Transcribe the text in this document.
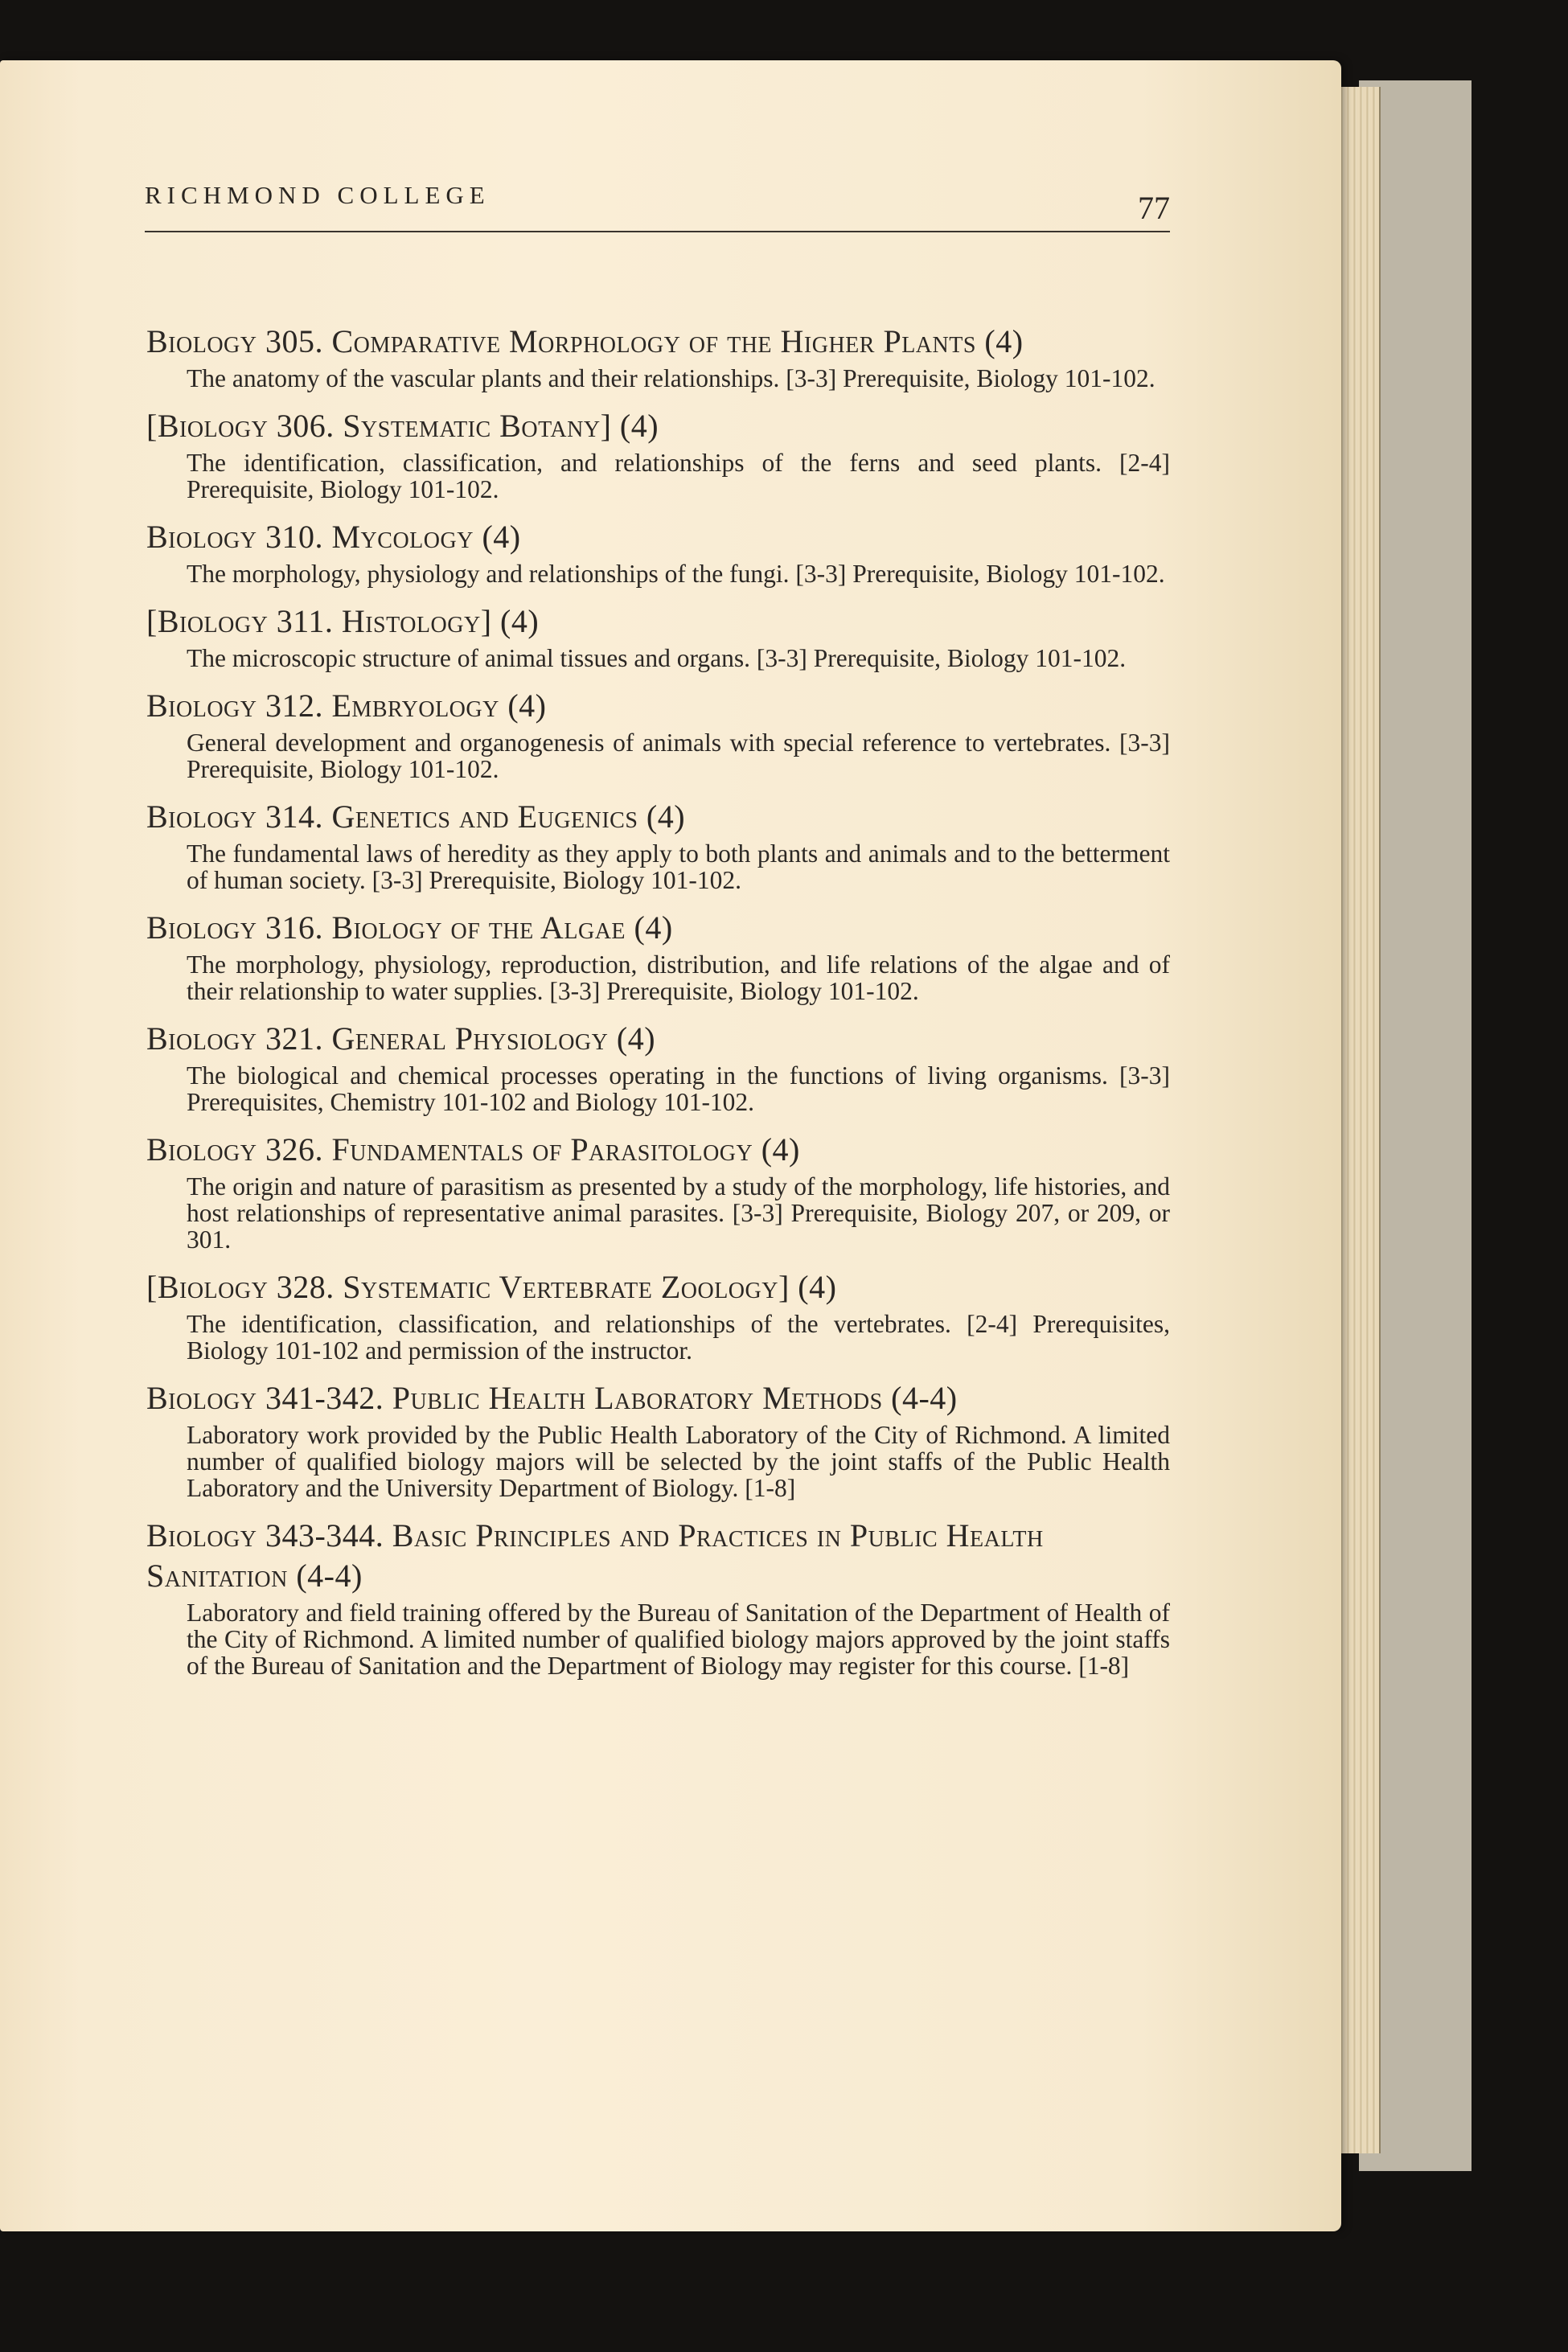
RICHMOND COLLEGE	77

Biology 305. Comparative Morphology of the Higher Plants (4)

The anatomy of the vascular plants and their relationships. [3-3] Prerequisite, Biology 101-102.

[Biology 306. Systematic Botany] (4)

The identification, classification, and relationships of the ferns and seed plants. [2-4] Prerequisite, Biology 101-102.

Biology 310. Mycology (4)

The morphology, physiology and relationships of the fungi. [3-3] Prerequisite, Biology 101-102.

[Biology 311. Histology] (4)

The microscopic structure of animal tissues and organs. [3-3] Prerequisite, Biology 101-102.

Biology 312. Embryology (4)

General development and organogenesis of animals with special reference to vertebrates. [3-3] Prerequisite, Biology 101-102.

Biology 314. Genetics and Eugenics (4)

The fundamental laws of heredity as they apply to both plants and animals and to the betterment of human society. [3-3] Prerequisite, Biology 101-102.

Biology 316. Biology of the Algae (4)

The morphology, physiology, reproduction, distribution, and life relations of the algae and of their relationship to water supplies. [3-3] Prerequisite, Biology 101-102.

Biology 321. General Physiology (4)

The biological and chemical processes operating in the functions of living organisms. [3-3] Prerequisites, Chemistry 101-102 and Biology 101-102.

Biology 326. Fundamentals of Parasitology (4)

The origin and nature of parasitism as presented by a study of the morphology, life histories, and host relationships of representative animal parasites. [3-3] Prerequisite, Biology 207, or 209, or 301.

[Biology 328. Systematic Vertebrate Zoology] (4)

The identification, classification, and relationships of the vertebrates. [2-4] Prerequisites, Biology 101-102 and permission of the instructor.

Biology 341-342. Public Health Laboratory Methods (4-4)

Laboratory work provided by the Public Health Laboratory of the City of Richmond. A limited number of qualified biology majors will be selected by the joint staffs of the Public Health Laboratory and the University Department of Biology. [1-8]

Biology 343-344. Basic Principles and Practices in Public Health Sanitation (4-4)

Laboratory and field training offered by the Bureau of Sanitation of the Department of Health of the City of Richmond. A limited number of qualified biology majors approved by the joint staffs of the Bureau of Sanitation and the Department of Biology may register for this course. [1-8]
